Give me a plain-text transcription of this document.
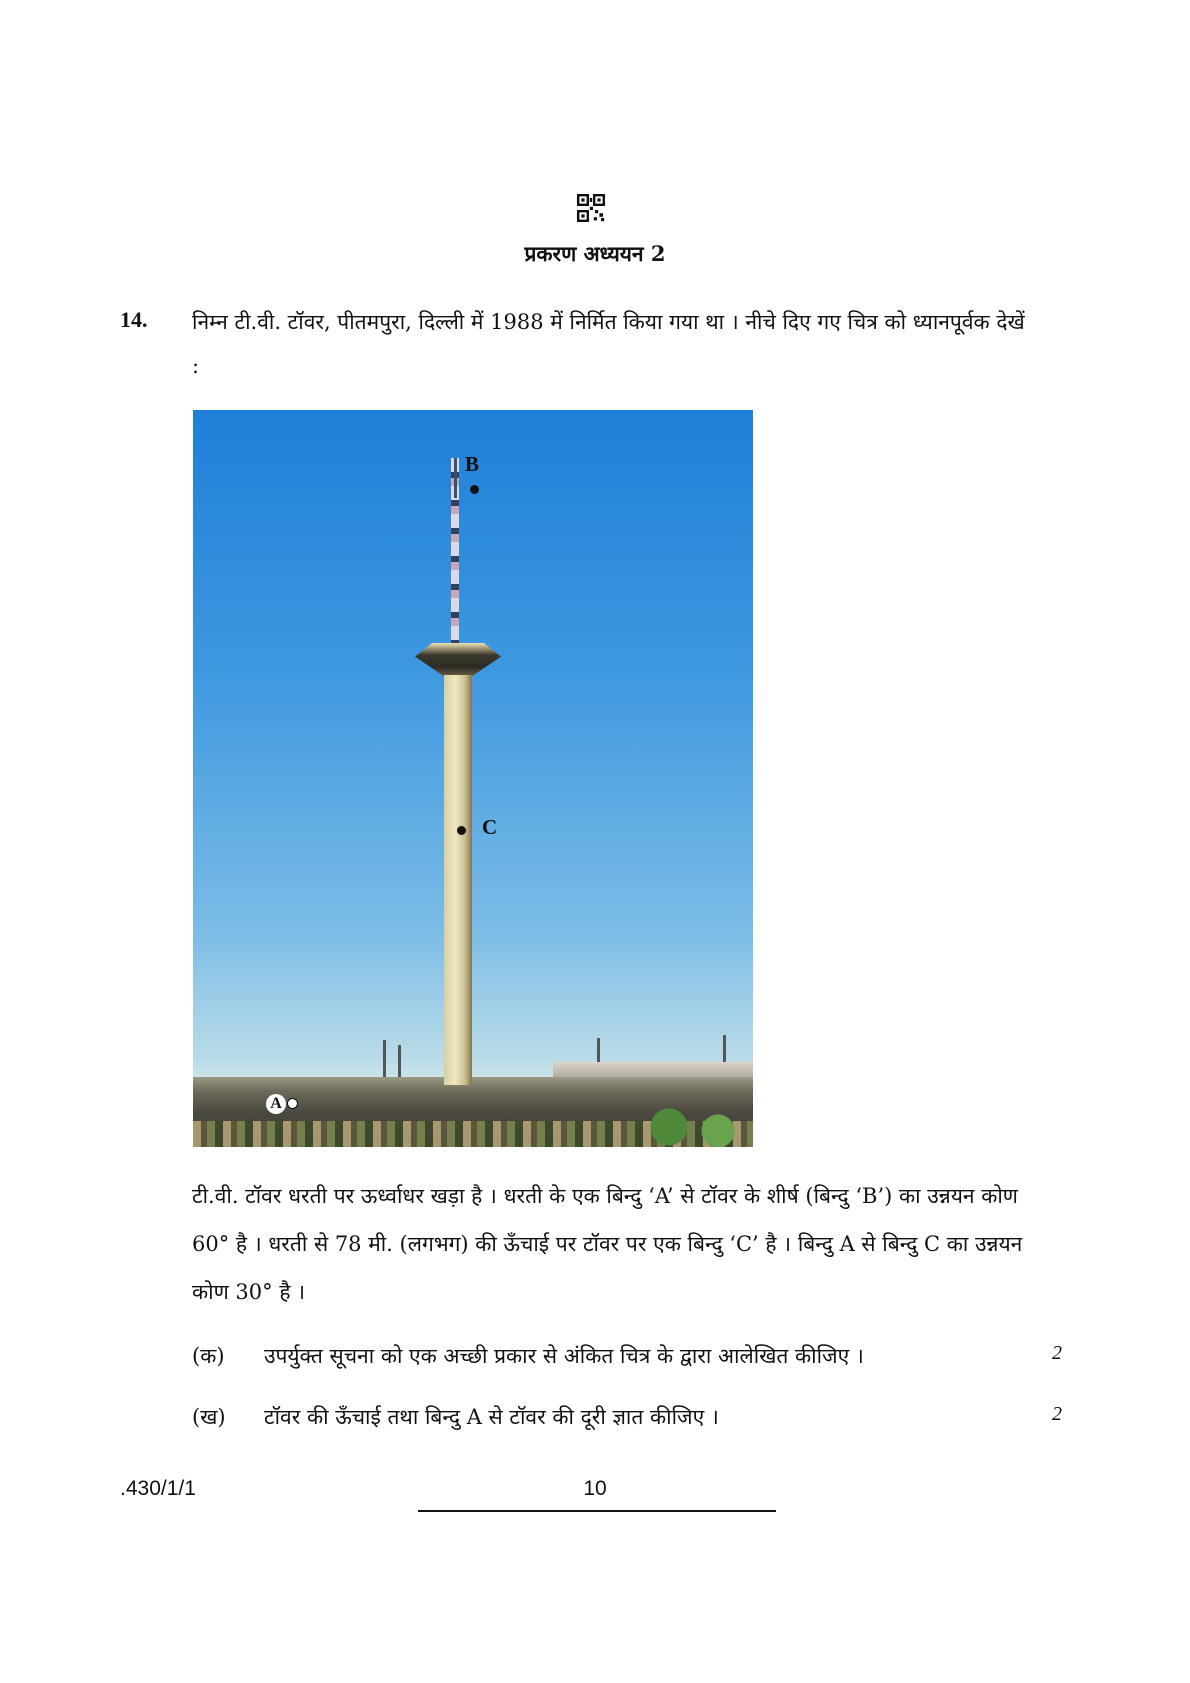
प्रकरण अध्ययन 2
14. निम्न टी.वी. टॉवर, पीतमपुरा, दिल्ली में 1988 में निर्मित किया गया था । नीचे दिए गए चित्र को ध्यानपूर्वक देखें :
B
C
A
टी.वी. टॉवर धरती पर ऊर्ध्वाधर खड़ा है । धरती के एक बिन्दु ‘A’ से टॉवर के शीर्ष (बिन्दु ‘B’) का उन्नयन कोण 60° है । धरती से 78 मी. (लगभग) की ऊँचाई पर टॉवर पर एक बिन्दु ‘C’ है । बिन्दु A से बिन्दु C का उन्नयन कोण 30° है ।
(क) उपर्युक्त सूचना को एक अच्छी प्रकार से अंकित चित्र के द्वारा आलेखित कीजिए ।	2
(ख) टॉवर की ऊँचाई तथा बिन्दु A से टॉवर की दूरी ज्ञात कीजिए ।	2
.430/1/1	10
